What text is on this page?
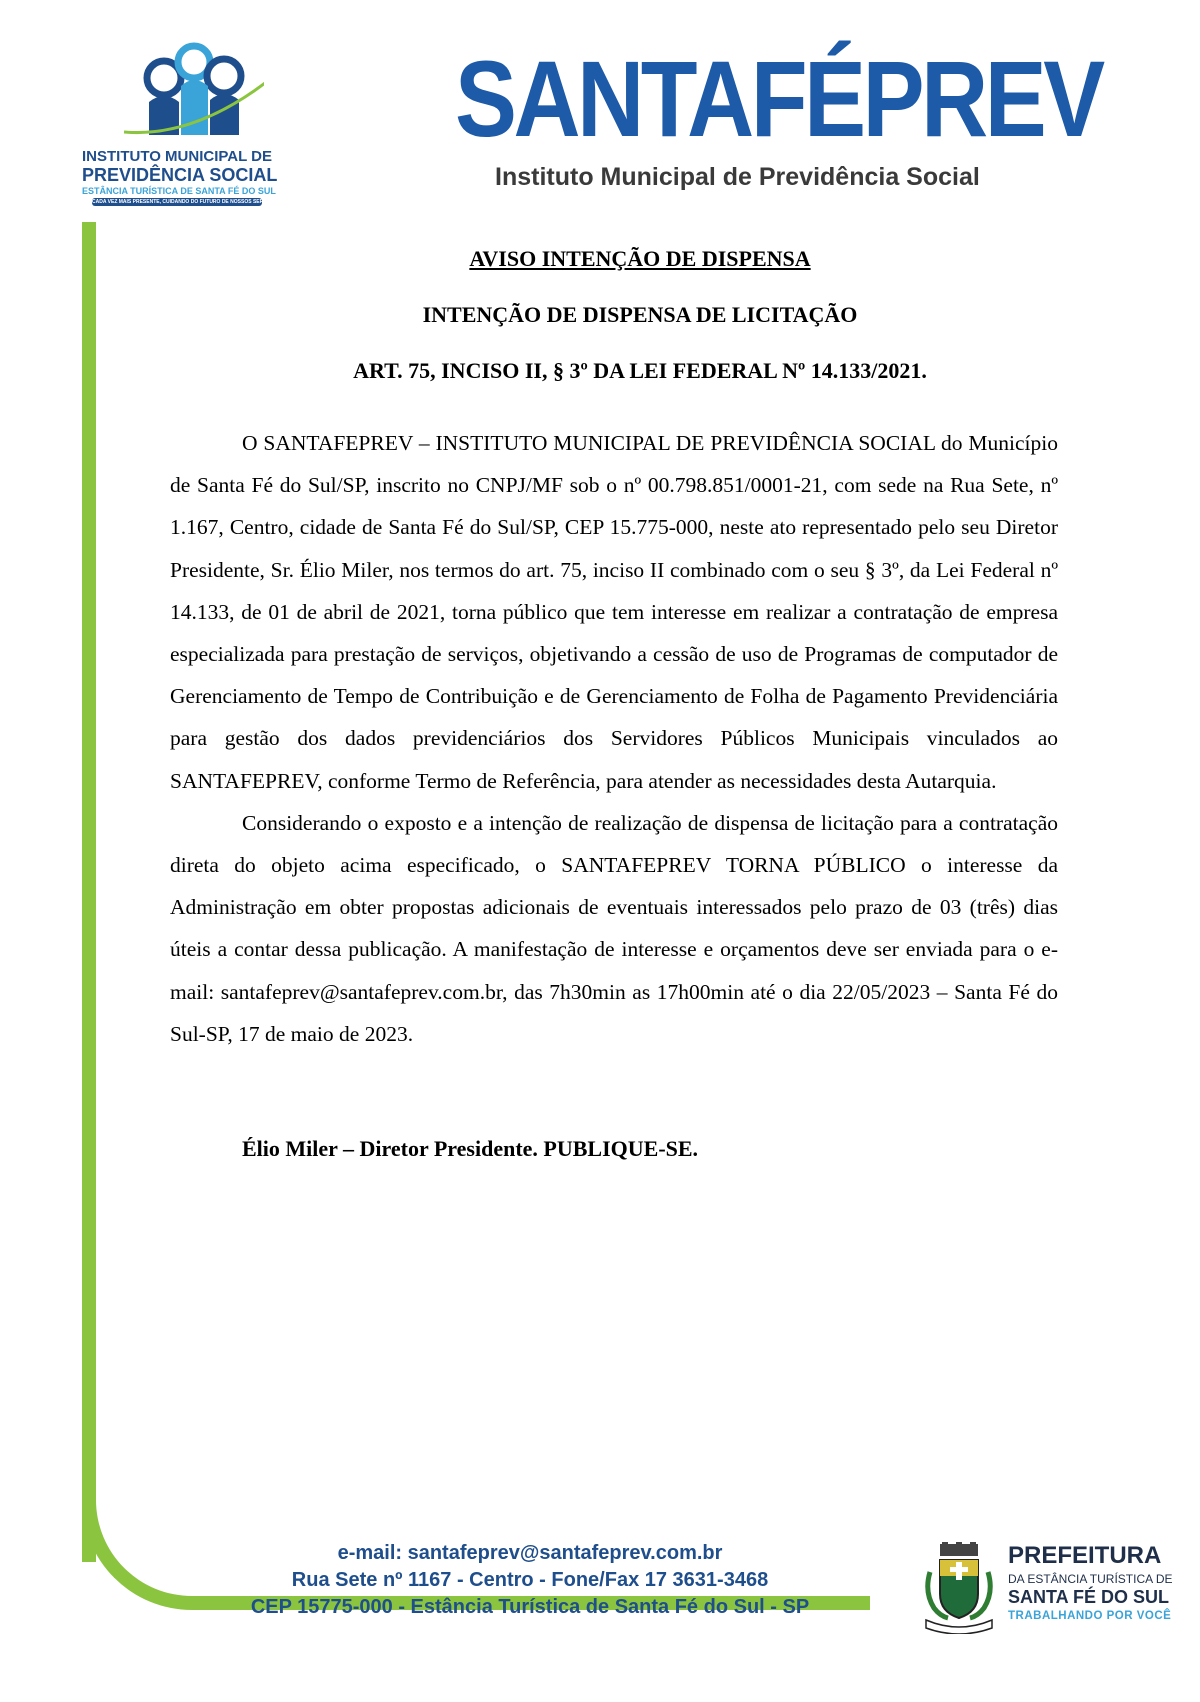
INSTITUTO MUNICIPAL DE
PREVIDÊNCIA SOCIAL
ESTÂNCIA TURÍSTICA DE SANTA FÉ DO SUL
CADA VEZ MAIS PRESENTE, CUIDANDO DO FUTURO DE NOSSOS SERVIDORES!
SANTAFÉPREV
Instituto Municipal de Previdência Social
AVISO INTENÇÃO DE DISPENSA
INTENÇÃO DE DISPENSA DE LICITAÇÃO
ART. 75, INCISO II, § 3º DA LEI FEDERAL Nº 14.133/2021.

O SANTAFEPREV – INSTITUTO MUNICIPAL DE PREVIDÊNCIA SOCIAL do Município de Santa Fé do Sul/SP, inscrito no CNPJ/MF sob o nº 00.798.851/0001-21, com sede na Rua Sete, nº 1.167, Centro, cidade de Santa Fé do Sul/SP, CEP 15.775-000, neste ato representado pelo seu Diretor Presidente, Sr. Élio Miler, nos termos do art. 75, inciso II combinado com o seu § 3º, da Lei Federal nº 14.133, de 01 de abril de 2021, torna público que tem interesse em realizar a contratação de empresa especializada para prestação de serviços, objetivando a cessão de uso de Programas de computador de Gerenciamento de Tempo de Contribuição e de Gerenciamento de Folha de Pagamento Previdenciária para gestão dos dados previdenciários dos Servidores Públicos Municipais vinculados ao SANTAFEPREV, conforme Termo de Referência, para atender as necessidades desta Autarquia.

Considerando o exposto e a intenção de realização de dispensa de licitação para a contratação direta do objeto acima especificado, o SANTAFEPREV TORNA PÚBLICO o interesse da Administração em obter propostas adicionais de eventuais interessados pelo prazo de 03 (três) dias úteis a contar dessa publicação. A manifestação de interesse e orçamentos deve ser enviada para o e-mail: santafeprev@santafeprev.com.br, das 7h30min as 17h00min até o dia 22/05/2023 – Santa Fé do Sul-SP, 17 de maio de 2023.

Élio Miler – Diretor Presidente. PUBLIQUE-SE.
e-mail: santafeprev@santafeprev.com.br
Rua Sete nº 1167 - Centro - Fone/Fax 17 3631-3468
CEP 15775-000 - Estância Turística de Santa Fé do Sul - SP
PREFEITURA
DA ESTÂNCIA TURÍSTICA DE
SANTA FÉ DO SUL
TRABALHANDO POR VOCÊ
